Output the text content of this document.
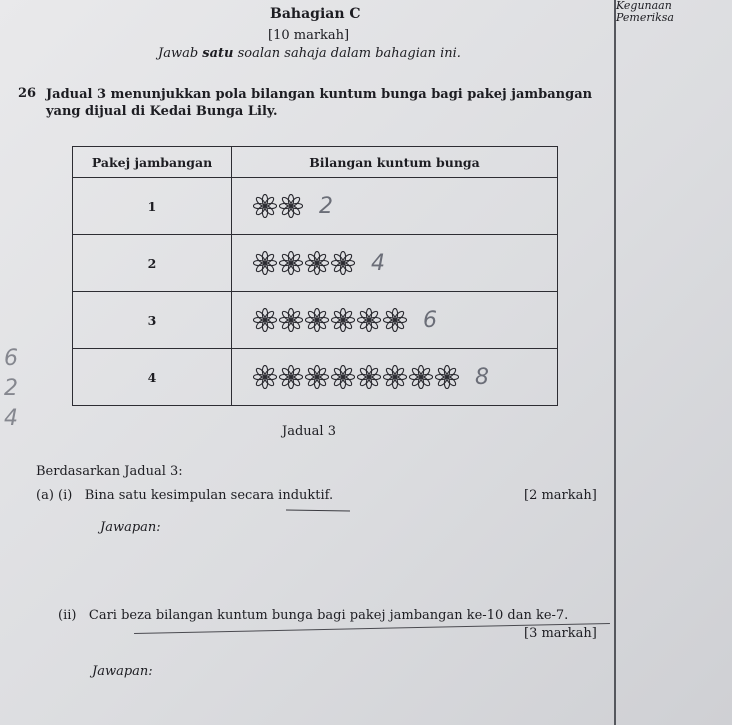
Bahagian C
[10 markah]
Jawab satu soalan sahaja dalam bahagian ini.
Kegunaan
Pemeriksa
26 Jadual 3 menunjukkan pola bilangan kuntum bunga bagi pakej jambangan yang dijual di Kedai Bunga Lily.
Pakej jambangan	Bilangan kuntum bunga
1	2

2	4

3	6

4	8
Jadual 3
6
2
4
Berdasarkan Jadual 3:
(a) (i) Bina satu kesimpulan secara induktif.	[2 markah]
Jawapan:
(ii) Cari beza bilangan kuntum bunga bagi pakej jambangan ke-10 dan ke-7.
[3 markah]
Jawapan:
